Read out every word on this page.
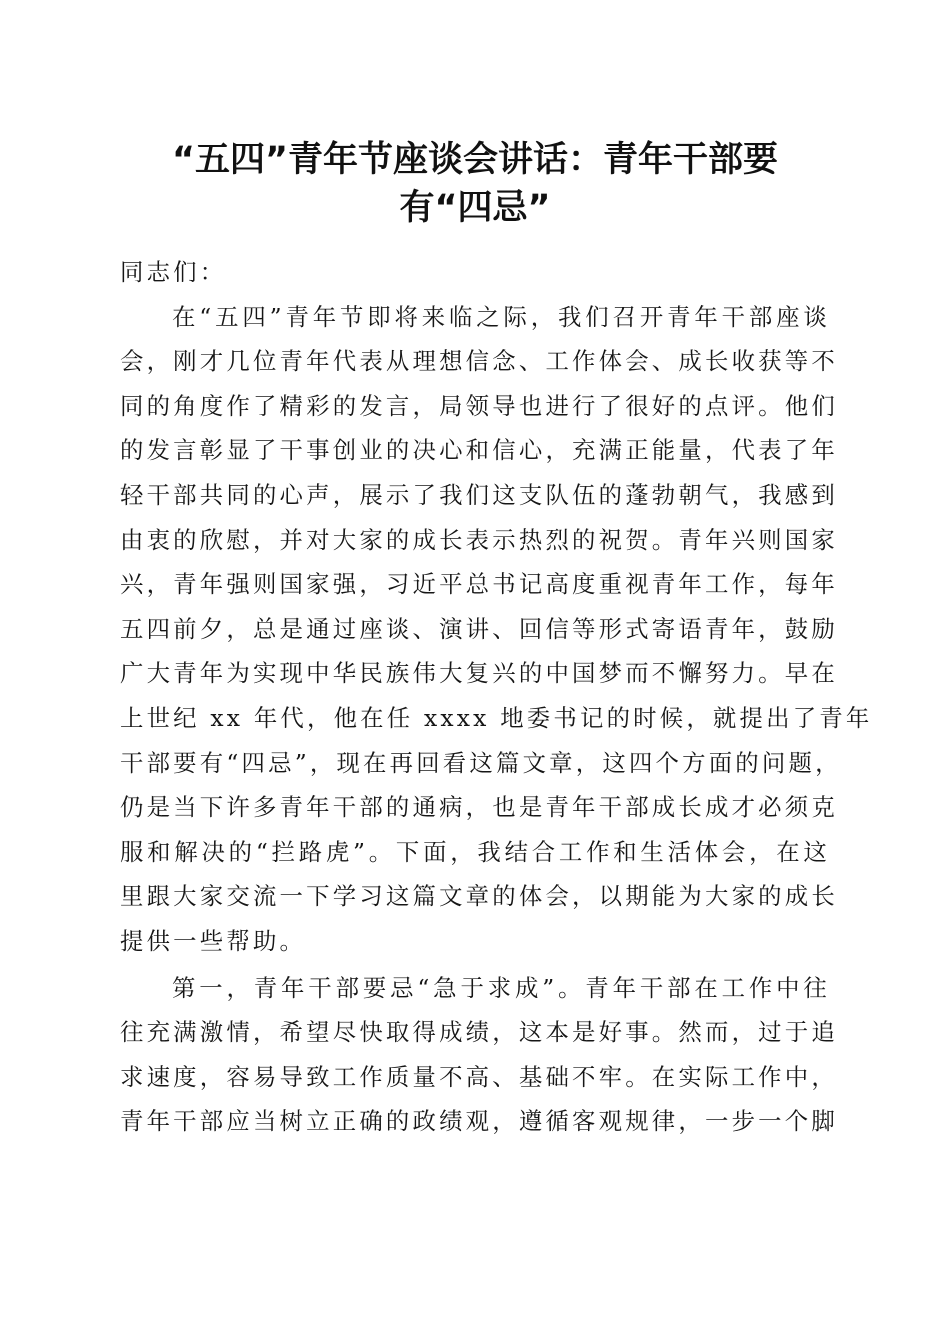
“五四”青年节座谈会讲话：青年干部要
有“四忌”

同志们：

在“五四”青年节即将来临之际，我们召开青年干部座谈
会，刚才几位青年代表从理想信念、工作体会、成长收获等不
同的角度作了精彩的发言，局领导也进行了很好的点评。他们
的发言彰显了干事创业的决心和信心，充满正能量，代表了年
轻干部共同的心声，展示了我们这支队伍的蓬勃朝气，我感到
由衷的欣慰，并对大家的成长表示热烈的祝贺。青年兴则国家
兴，青年强则国家强，习近平总书记高度重视青年工作，每年
五四前夕，总是通过座谈、演讲、回信等形式寄语青年，鼓励
广大青年为实现中华民族伟大复兴的中国梦而不懈努力。早在
上世纪 xx 年代，他在任 xxxx 地委书记的时候，就提出了青年
干部要有“四忌”，现在再回看这篇文章，这四个方面的问题，
仍是当下许多青年干部的通病，也是青年干部成长成才必须克
服和解决的“拦路虎”。下面，我结合工作和生活体会，在这
里跟大家交流一下学习这篇文章的体会，以期能为大家的成长
提供一些帮助。
第一，青年干部要忌“急于求成”。青年干部在工作中往
往充满激情，希望尽快取得成绩，这本是好事。然而，过于追
求速度，容易导致工作质量不高、基础不牢。在实际工作中，
青年干部应当树立正确的政绩观，遵循客观规律，一步一个脚
